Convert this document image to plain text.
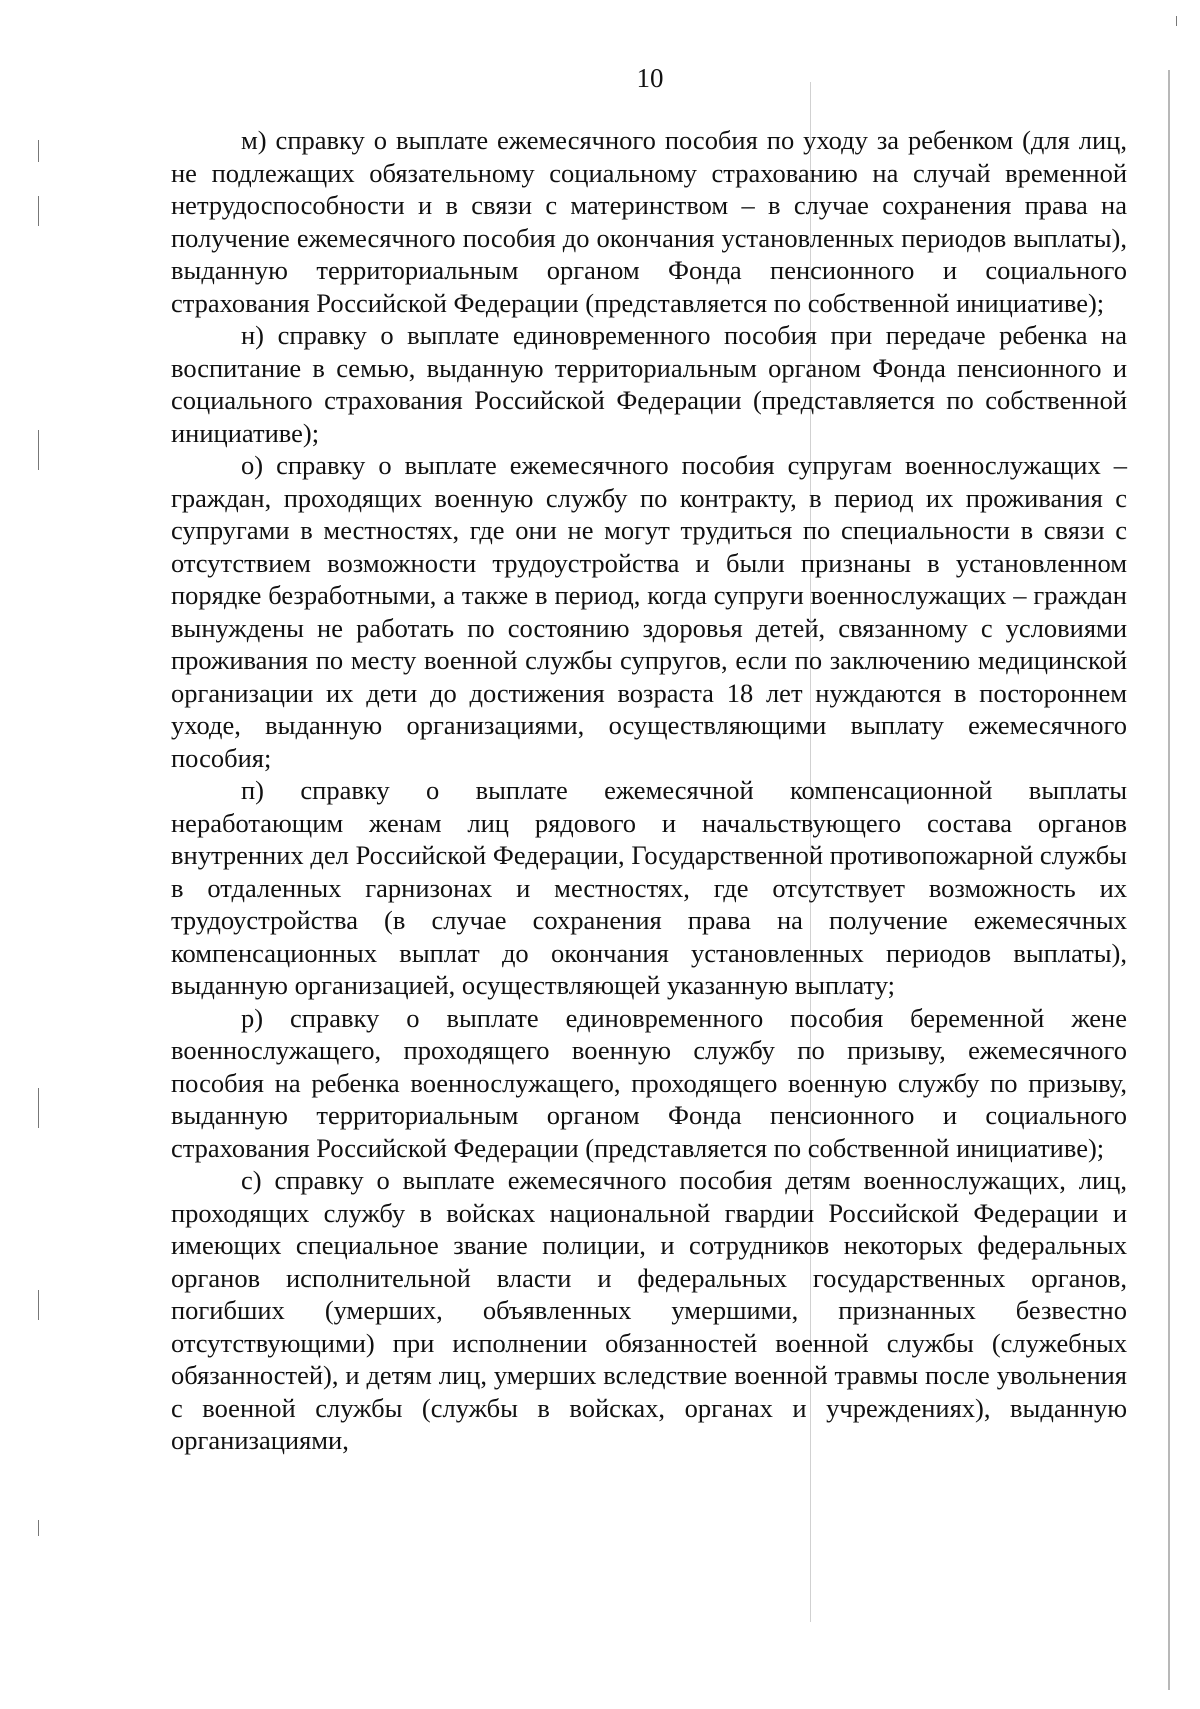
10

м) справку о выплате ежемесячного пособия по уходу за ребенком (для лиц, не подлежащих обязательному социальному страхованию на случай временной нетрудоспособности и в связи с материнством – в случае сохранения права на получение ежемесячного пособия до окончания установленных периодов выплаты), выданную территориальным органом Фонда пенсионного и социального страхования Российской Федерации (представляется по собственной инициативе);

н) справку о выплате единовременного пособия при передаче ребенка на воспитание в семью, выданную территориальным органом Фонда пенсионного и социального страхования Российской Федерации (представляется по собственной инициативе);

о) справку о выплате ежемесячного пособия супругам военнослужащих – граждан, проходящих военную службу по контракту, в период их проживания с супругами в местностях, где они не могут трудиться по специальности в связи с отсутствием возможности трудоустройства и были признаны в установленном порядке безработными, а также в период, когда супруги военнослужащих – граждан вынуждены не работать по состоянию здоровья детей, связанному с условиями проживания по месту военной службы супругов, если по заключению медицинской организации их дети до достижения возраста 18 лет нуждаются в постороннем уходе, выданную организациями, осуществляющими выплату ежемесячного пособия;

п) справку о выплате ежемесячной компенсационной выплаты неработающим женам лиц рядового и начальствующего состава органов внутренних дел Российской Федерации, Государственной противопожарной службы в отдаленных гарнизонах и местностях, где отсутствует возможность их трудоустройства (в случае сохранения права на получение ежемесячных компенсационных выплат до окончания установленных периодов выплаты), выданную организацией, осуществляющей указанную выплату;

р) справку о выплате единовременного пособия беременной жене военнослужащего, проходящего военную службу по призыву, ежемесячного пособия на ребенка военнослужащего, проходящего военную службу по призыву, выданную территориальным органом Фонда пенсионного и социального страхования Российской Федерации (представляется по собственной инициативе);

с) справку о выплате ежемесячного пособия детям военнослужащих, лиц, проходящих службу в войсках национальной гвардии Российской Федерации и имеющих специальное звание полиции, и сотрудников некоторых федеральных органов исполнительной власти и федеральных государственных органов, погибших (умерших, объявленных умершими, признанных безвестно отсутствующими) при исполнении обязанностей военной службы (служебных обязанностей), и детям лиц, умерших вследствие военной травмы после увольнения с военной службы (службы в войсках, органах и учреждениях), выданную организациями,
